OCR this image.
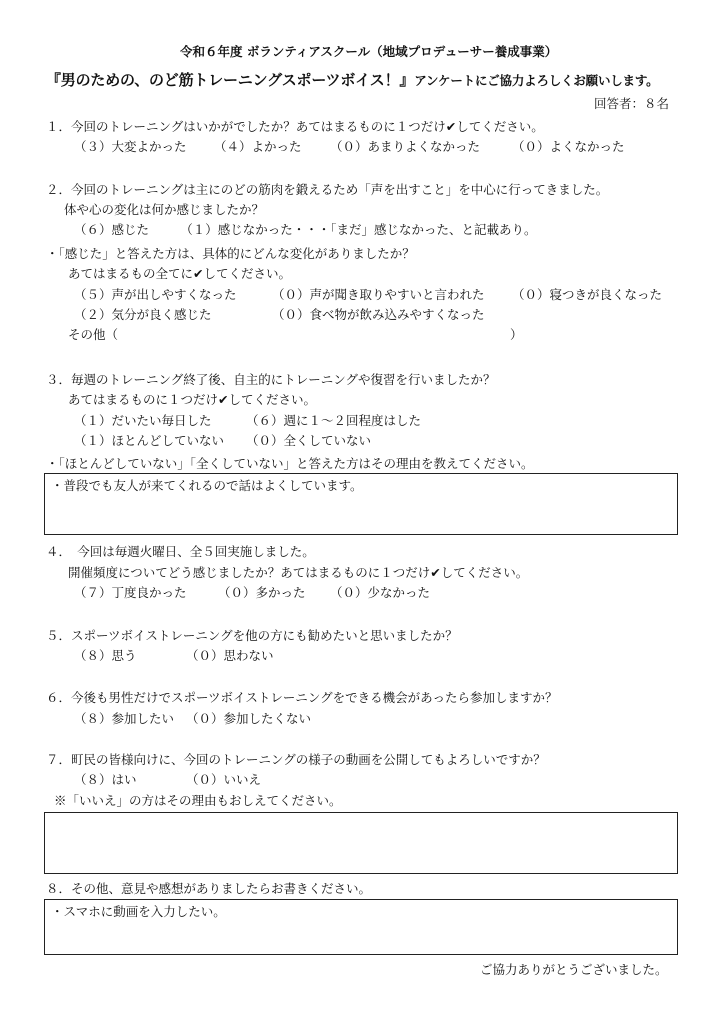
令和６年度 ボランティアスクール（地域プロデューサー養成事業）
『男のための、のど筋トレーニングスポーツボイス！』アンケートにご協力よろしくお願いします。
回答者：８名
１．今回のトレーニングはいかがでしたか？あてはまるものに１つだけ✔してください。
（３）大変よかった （４）よかった （０）あまりよくなかった	（０）よくなかった
２．今回のトレーニングは主にのどの筋肉を鍛えるため「声を出すこと」を中心に行ってきました。
体や心の変化は何か感じましたか？
（６）感じた　　　（１）感じなかった・・・「まだ」感じなかった、と記載あり。
・「感じた」と答えた方は、具体的にどんな変化がありましたか？
あてはまるもの全てに✔してください。
（５）声が出しやすくなった	（０）声が聞き取りやすいと言われた （０）寝つきが良くなった
（２）気分が良く感じた	（０）食べ物が飲み込みやすくなった
その他（	）
３．毎週のトレーニング終了後、自主的にトレーニングや復習を行いましたか？
あてはまるものに１つだけ✔してください。
（１）だいたい毎日した	（６）週に１～２回程度はした
（１）ほとんどしていない （０）全くしていない
・「ほとんどしていない」「全くしていない」と答えた方はその理由を教えてください。
・普段でも友人が来てくれるので話はよくしています。
４．　今回は毎週火曜日、全５回実施しました。
開催頻度についてどう感じましたか？あてはまるものに１つだけ✔してください。
（７）丁度良かった	（０）多かった （０）少なかった
５．スポーツボイストレーニングを他の方にも勧めたいと思いましたか？
（８）思う	（０）思わない
６．今後も男性だけでスポーツボイストレーニングをできる機会があったら参加しますか？
（８）参加したい （０）参加したくない
７．町民の皆様向けに、今回のトレーニングの様子の動画を公開してもよろしいですか？
（８）はい	（０）いいえ
※「いいえ」の方はその理由もおしえてください。
８．その他、意見や感想がありましたらお書きください。
・スマホに動画を入力したい。
ご協力ありがとうございました。
